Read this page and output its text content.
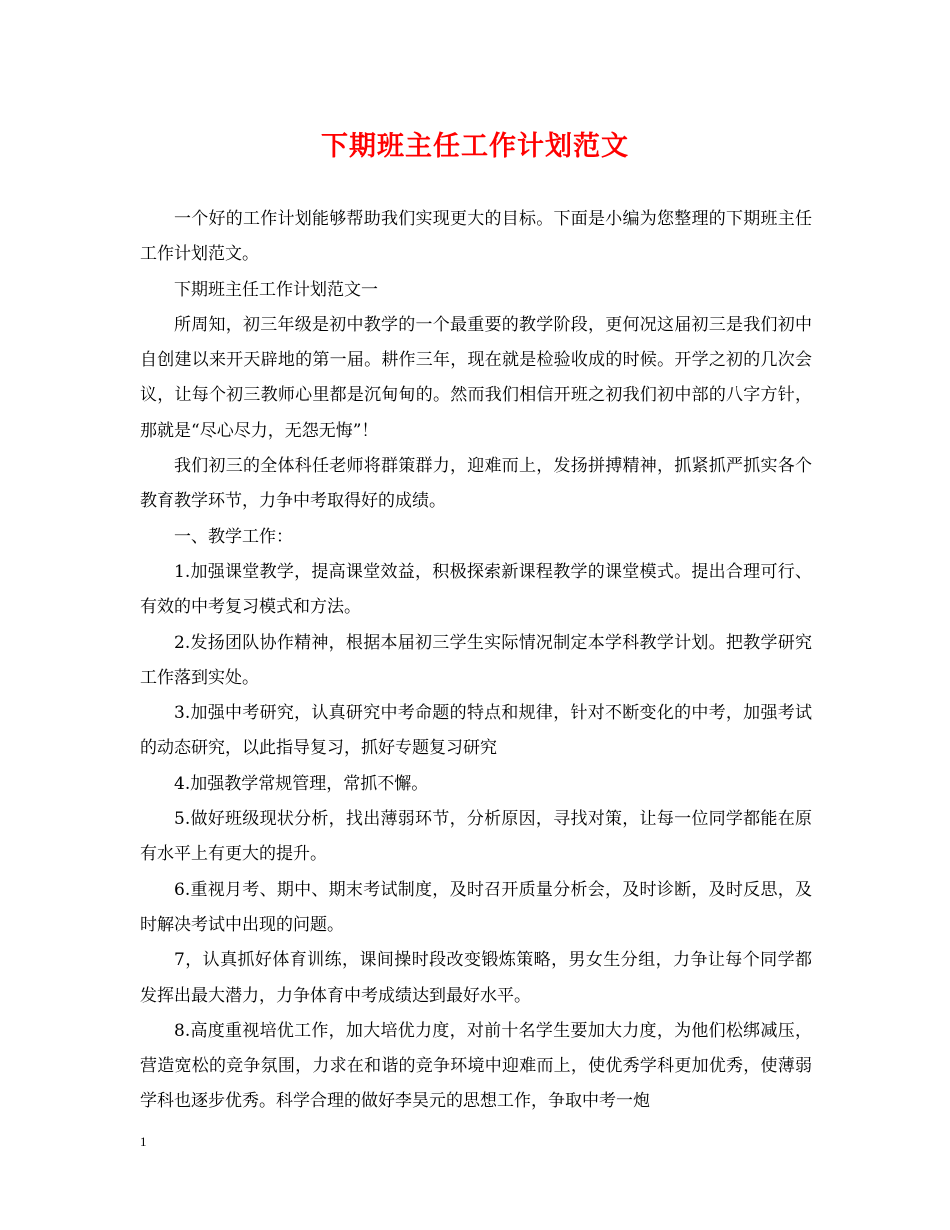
下期班主任工作计划范文

一个好的工作计划能够帮助我们实现更大的目标。下面是小编为您整理的下期班主任工作计划范文。

下期班主任工作计划范文一

所周知，初三年级是初中教学的一个最重要的教学阶段，更何况这届初三是我们初中自创建以来开天辟地的第一届。耕作三年，现在就是检验收成的时候。开学之初的几次会议，让每个初三教师心里都是沉甸甸的。然而我们相信开班之初我们初中部的八字方针，那就是“尽心尽力，无怨无悔”！

我们初三的全体科任老师将群策群力，迎难而上，发扬拼搏精神，抓紧抓严抓实各个教育教学环节，力争中考取得好的成绩。

一、教学工作：

1.加强课堂教学，提高课堂效益，积极探索新课程教学的课堂模式。提出合理可行、有效的中考复习模式和方法。

2.发扬团队协作精神，根据本届初三学生实际情况制定本学科教学计划。把教学研究工作落到实处。

3.加强中考研究，认真研究中考命题的特点和规律，针对不断变化的中考，加强考试的动态研究，以此指导复习，抓好专题复习研究

4.加强教学常规管理，常抓不懈。

5.做好班级现状分析，找出薄弱环节，分析原因，寻找对策，让每一位同学都能在原有水平上有更大的提升。

6.重视月考、期中、期末考试制度，及时召开质量分析会，及时诊断，及时反思，及时解决考试中出现的问题。

7，认真抓好体育训练，课间操时段改变锻炼策略，男女生分组，力争让每个同学都发挥出最大潜力，力争体育中考成绩达到最好水平。

8.高度重视培优工作，加大培优力度，对前十名学生要加大力度，为他们松绑减压，营造宽松的竞争氛围，力求在和谐的竞争环境中迎难而上，使优秀学科更加优秀，使薄弱学科也逐步优秀。科学合理的做好李昊元的思想工作，争取中考一炮

1
